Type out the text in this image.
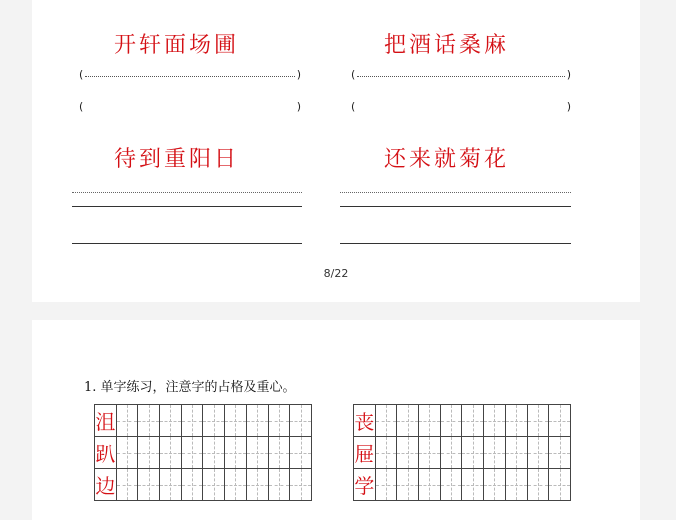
开轩面场圃	把酒话桑麻
(	)	(	)
(	)	(	)
待到重阳日	还来就菊花
8/22
1. 单字练习，注意字的占格及重心。
沮
趴
边
丧
屉
学
